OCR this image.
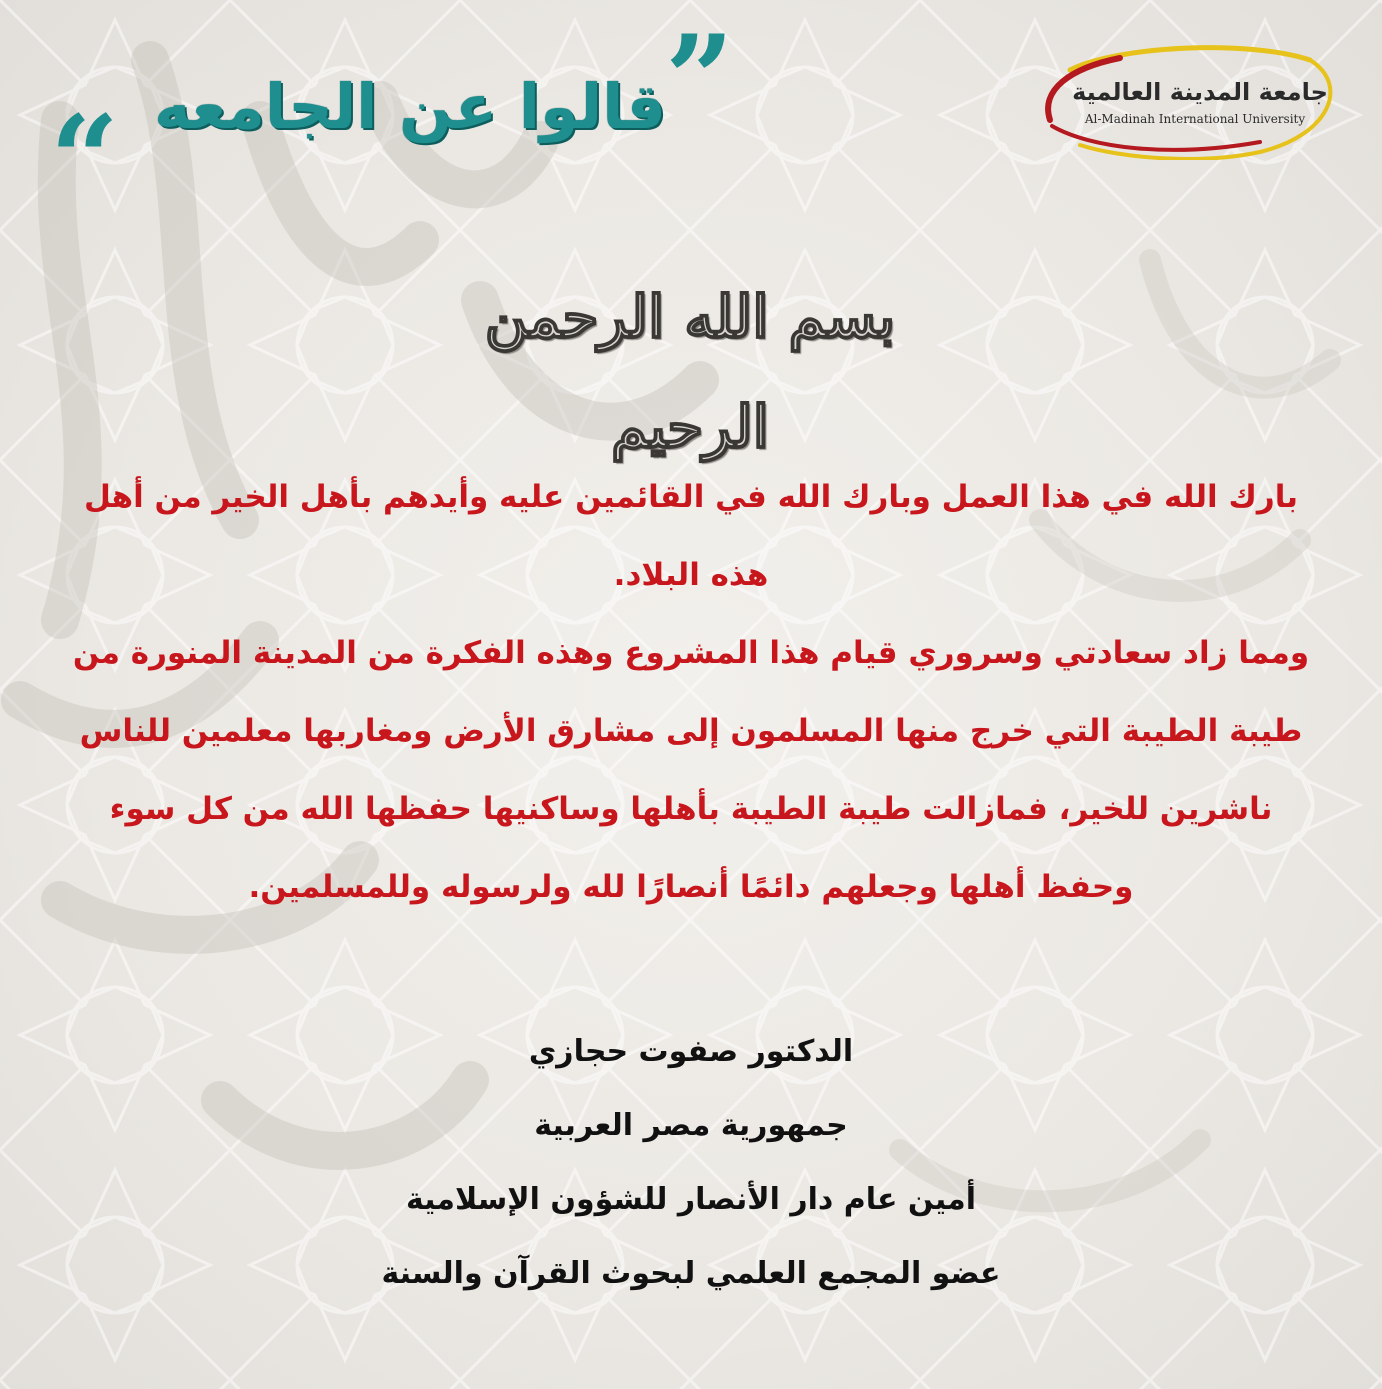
“ قالوا عن الجامعه
”	جامعة المدينة العالمية
Al-Madinah International University
بسم الله الرحمن الرحيم
بارك الله في هذا العمل وبارك الله في القائمين عليه وأيدهم بأهل الخير من أهل
هذه البلاد.
ومما زاد سعادتي وسروري قيام هذا المشروع وهذه الفكرة من المدينة المنورة من
طيبة الطيبة التي خرج منها المسلمون إلى مشارق الأرض ومغاربها معلمين للناس
ناشرين للخير، فمازالت طيبة الطيبة بأهلها وساكنيها حفظها الله من كل سوء
وحفظ أهلها وجعلهم دائمًا أنصارًا لله ولرسوله وللمسلمين.
الدكتور صفوت حجازي
جمهورية مصر العربية
أمين عام دار الأنصار للشؤون الإسلامية
عضو المجمع العلمي لبحوث القرآن والسنة
